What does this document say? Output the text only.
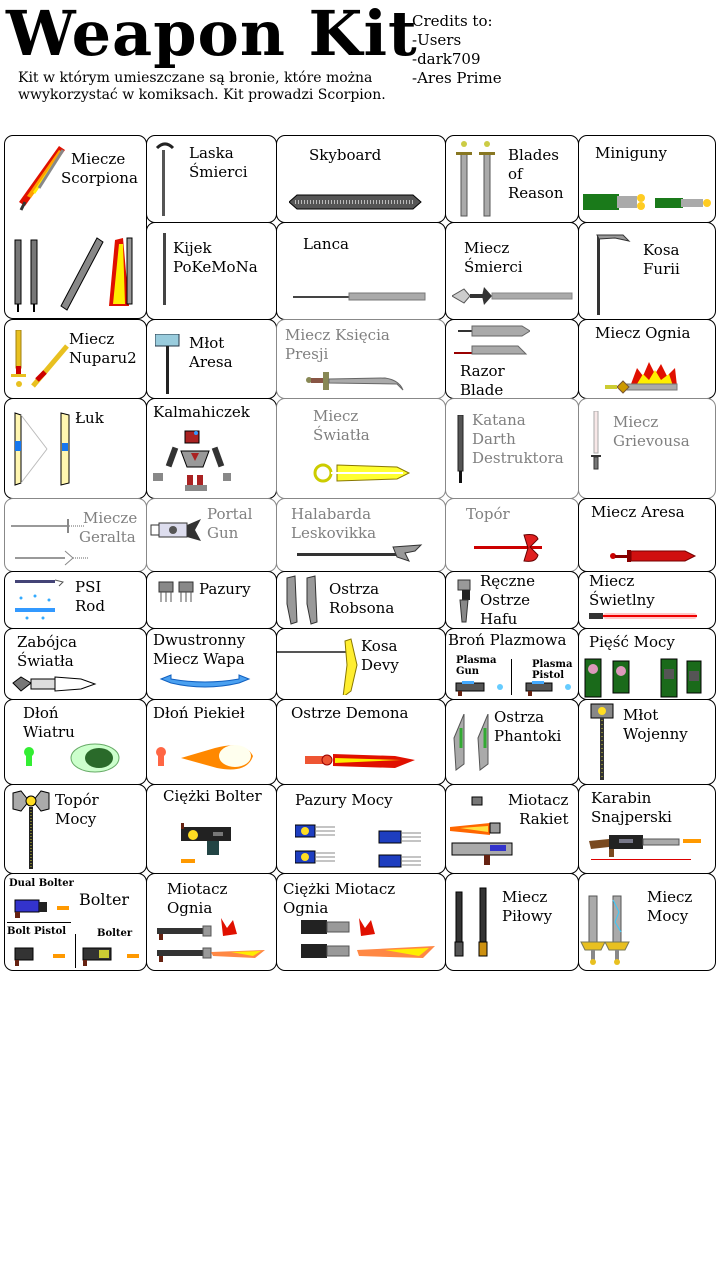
Weapon Kit
Credits to:
-Users
-dark709
-Ares Prime
Kit w którym umieszczane są bronie, które można wwykorzystać w komiksach. Kit prowadzi Scorpion.
Miecze
Scorpiona
Laska
Śmierci
Skyboard	Blades
of
Reason
Miniguny
Kijek
PoKeMoNa
Lanca	Miecz
Śmierci
Kosa
Furii
Miecz
Nuparu2
Młot
Aresa
Miecz Księcia
Presji
Razor
Blade
Miecz Ognia
Łuk	Kalmahiczek	Miecz
Światła
Katana
Darth
Destruktora
Miecz
Grievousa
Miecze
Geralta
Portal
Gun
Halabarda
Leskovikka
Topór	Miecz Aresa
PSI
Rod
Pazury	Ostrza
Robsona
Ręczne
Ostrze
Hafu
Miecz
Świetlny
Zabójca
Światła
Dwustronny
Miecz Wapa
Kosa
Devy
Broń Plazmowa
Plasma
Gun
Plasma
Pistol
Pięść Mocy
Dłoń
Wiatru
Dłoń Piekieł	Ostrze Demona	Ostrza
Phantoki
Młot
Wojenny
Topór
Mocy
Ciężki Bolter Pazury Mocy	Miotacz
Rakiet
Karabin
Snajperski
Dual Bolter
Bolter
Bolt Pistol	Bolter
Miotacz
Ognia
Ciężki Miotacz
Ognia
Miecz
Piłowy
Miecz
Mocy
